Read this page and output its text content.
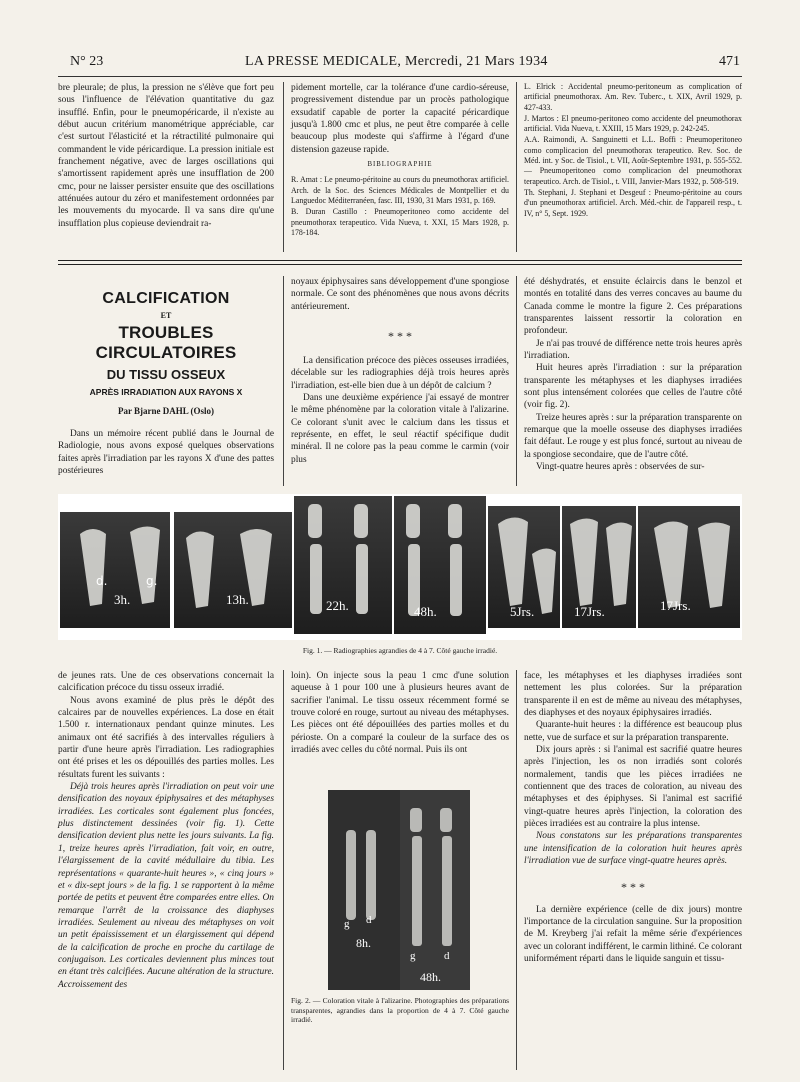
N° 23	LA PRESSE MEDICALE, Mercredi, 21 Mars 1934	471

bre pleurale; de plus, la pression ne s'élève que fort peu sous l'influence de l'élévation quantitative du gaz insufflé. Enfin, pour le pneumopéricarde, il n'existe au début aucun critérium manométrique appréciable, car c'est surtout l'élasticité et la rétractilité pulmonaire qui commandent le vide péricardique. La pression initiale est franchement négative, avec de larges oscillations qui s'amortissent rapidement après une insufflation de 200 cmc, pour ne laisser persister ensuite que des oscillations atténuées autour du zéro et manifestement ordonnées par les mouvements du myocarde. Il va sans dire qu'une insufflation plus copieuse deviendrait ra-

pidement mortelle, car la tolérance d'une cardio-séreuse, progressivement distendue par un procès pathologique exsudatif capable de porter la capacité péricardique jusqu'à 1.800 cmc et plus, ne peut être comparée à celle beaucoup plus modeste qui s'affirme à l'égard d'une distension gazeuse rapide.

BIBLIOGRAPHIE
R. Amat : Le pneumo-péritoine au cours du pneumothorax artificiel. Arch. de la Soc. des Sciences Médicales de Montpellier et du Languedoc Méditerranéen, fasc. III, 1930, 31 Mars 1931, p. 169.
B. Duran Castillo : Pneumoperitoneo como accidente del pneumothorax terapeutico. Vida Nueva, t. XXI, 15 Mars 1928, p. 178-184.
L. Elrick : Accidental pneumo-peritoneum as complication of artificial pneumothorax. Am. Rev. Tuberc., t. XIX, Avril 1929, p. 427-433.
J. Martos : El pneumo-peritoneo como accidente del pneumothorax artificial. Vida Nueva, t. XXIII, 15 Mars 1929, p. 242-245.
A.A. Raimondi, A. Sanguinetti et L.L. Boffi : Pneumoperitoneo como complicacion del pneumothorax terapeutico. Rev. Soc. de Méd. int. y Soc. de Tisiol., t. VII, Août-Septembre 1931, p. 555-552. — Pneumoperitoneo como complicacion del pneumothorax terapeutico. Arch. de Tisiol., t. VIII, Janvier-Mars 1932, p. 508-519.
Th. Stephani, J. Stephani et Desgeuf : Pneumo-péritoine au cours d'un pneumothorax artificiel. Arch. Méd.-chir. de l'appareil resp., t. IV, n° 5, Sept. 1929.
CALCIFICATION
ET
TROUBLES CIRCULATOIRES
DU TISSU OSSEUX
APRÈS IRRADIATION AUX RAYONS X
Par Bjarne DAHL (Oslo)

Dans un mémoire récent publié dans le Journal de Radiologie, nous avons exposé quelques observations faites après l'irradiation par les rayons X d'une des pattes postérieures

noyaux épiphysaires sans développement d'une spongiose normale. Ce sont des phénomènes que nous avons décrits antérieurement.

* * *

La densification précoce des pièces osseuses irradiées, décelable sur les radiographies déjà trois heures après l'irradiation, est-elle bien due à un dépôt de calcium ?

Dans une deuxième expérience j'ai essayé de montrer le même phénomène par la coloration vitale à l'alizarine. Ce colorant s'unit avec le calcium dans les tissus et représente, en effet, le seul réactif spécifique dudit minéral. Il ne colore pas la peau comme le carmin (voir plus

été déshydratés, et ensuite éclaircis dans le benzol et montés en totalité dans des verres concaves au baume du Canada comme le montre la figure 2. Ces préparations transparentes laissent ressortir la coloration en profondeur.

Je n'ai pas trouvé de différence nette trois heures après l'irradiation.

Huit heures après l'irradiation : sur la préparation transparente les métaphyses et les diaphyses irradiées sont plus intensément colorées que celles de l'autre côté (voir fig. 2).

Treize heures après : sur la préparation transparente on remarque que la moelle osseuse des diaphyses irradiées fait défaut. Le rouge y est plus foncé, surtout au niveau de la spongiose secondaire, que de l'autre côté.

Vingt-quatre heures après : observées de sur-

d.	g.
3h.	13h.	22h.	48h.	5Jrs.	17Jrs.	17Jrs.
Fig. 1. — Radiographies agrandies de 4 à 7. Côté gauche irradié.

de jeunes rats. Une de ces observations concernait la calcification précoce du tissu osseux irradié.

Nous avons examiné de plus près le dépôt des calcaires par de nouvelles expériences. La dose en était 1.500 r. internationaux pendant quinze minutes. Les animaux ont été sacrifiés à des intervalles réguliers à partir d'une heure après l'irradiation. Les radiographies ont été prises et les os dépouillés des parties molles. Les résultats furent les suivants :

Déjà trois heures après l'irradiation on peut voir une densification des noyaux épiphysaires et des métaphyses irradiées. Les corticales sont également plus foncées, plus distinctement dessinées (voir fig. 1). Cette densification devient plus nette les jours suivants. La fig. 1, treize heures après l'irradiation, fait voir, en outre, l'élargissement de la cavité médullaire du tibia. Les représentations « quarante-huit heures », « cinq jours » et « dix-sept jours » de la fig. 1 se rapportent à la même portée de petits et peuvent être comparées entre elles. On remarque l'arrêt de la croissance des diaphyses irradiées. Seulement au niveau des métaphyses on voit un petit épaississement et un élargissement qui dépend de la calcification de proche en proche du cartilage de conjugaison. Les corticales deviennent plus minces tout en étant très calcifiées. Aucune altération de la structure. Accroissement des

loin). On injecte sous la peau 1 cmc d'une solution aqueuse à 1 pour 100 une à plusieurs heures avant de sacrifier l'animal. Le tissu osseux récemment formé se trouve coloré en rouge, surtout au niveau des métaphyses. Les pièces ont été dépouillées des parties molles et du périoste. On a comparé la couleur de la surface des os irradiés avec celles du côté normal. Puis ils ont

g d
8h.
g	d
48h.
Fig. 2. — Coloration vitale à l'alizarine. Photographies des préparations transparentes, agrandies dans la proportion de 4 à 7. Côté gauche irradié.

face, les métaphyses et les diaphyses irradiées sont nettement les plus colorées. Sur la préparation transparente il en est de même au niveau des métaphyses, des diaphyses et des noyaux épiphysaires irradiés.

Quarante-huit heures : la différence est beaucoup plus nette, vue de surface et sur la préparation transparente.

Dix jours après : si l'animal est sacrifié quatre heures après l'injection, les os non irradiés sont colorés normalement, tandis que les pièces irradiées ne contiennent que des traces de coloration, au niveau des métaphyses et des épiphyses. Si l'animal est sacrifié vingt-quatre heures après l'injection, la coloration des pièces irradiées est au contraire la plus intense.

Nous constatons sur les préparations transparentes une intensification de la coloration huit heures après l'irradiation vue de surface vingt-quatre heures après.

* * *

La dernière expérience (celle de dix jours) montre l'importance de la circulation sanguine. Sur la proposition de M. Kreyberg j'ai refait la même série d'expériences avec un colorant indifférent, le carmin lithiné. Ce colorant uniformément réparti dans le liquide sanguin et tissu-
